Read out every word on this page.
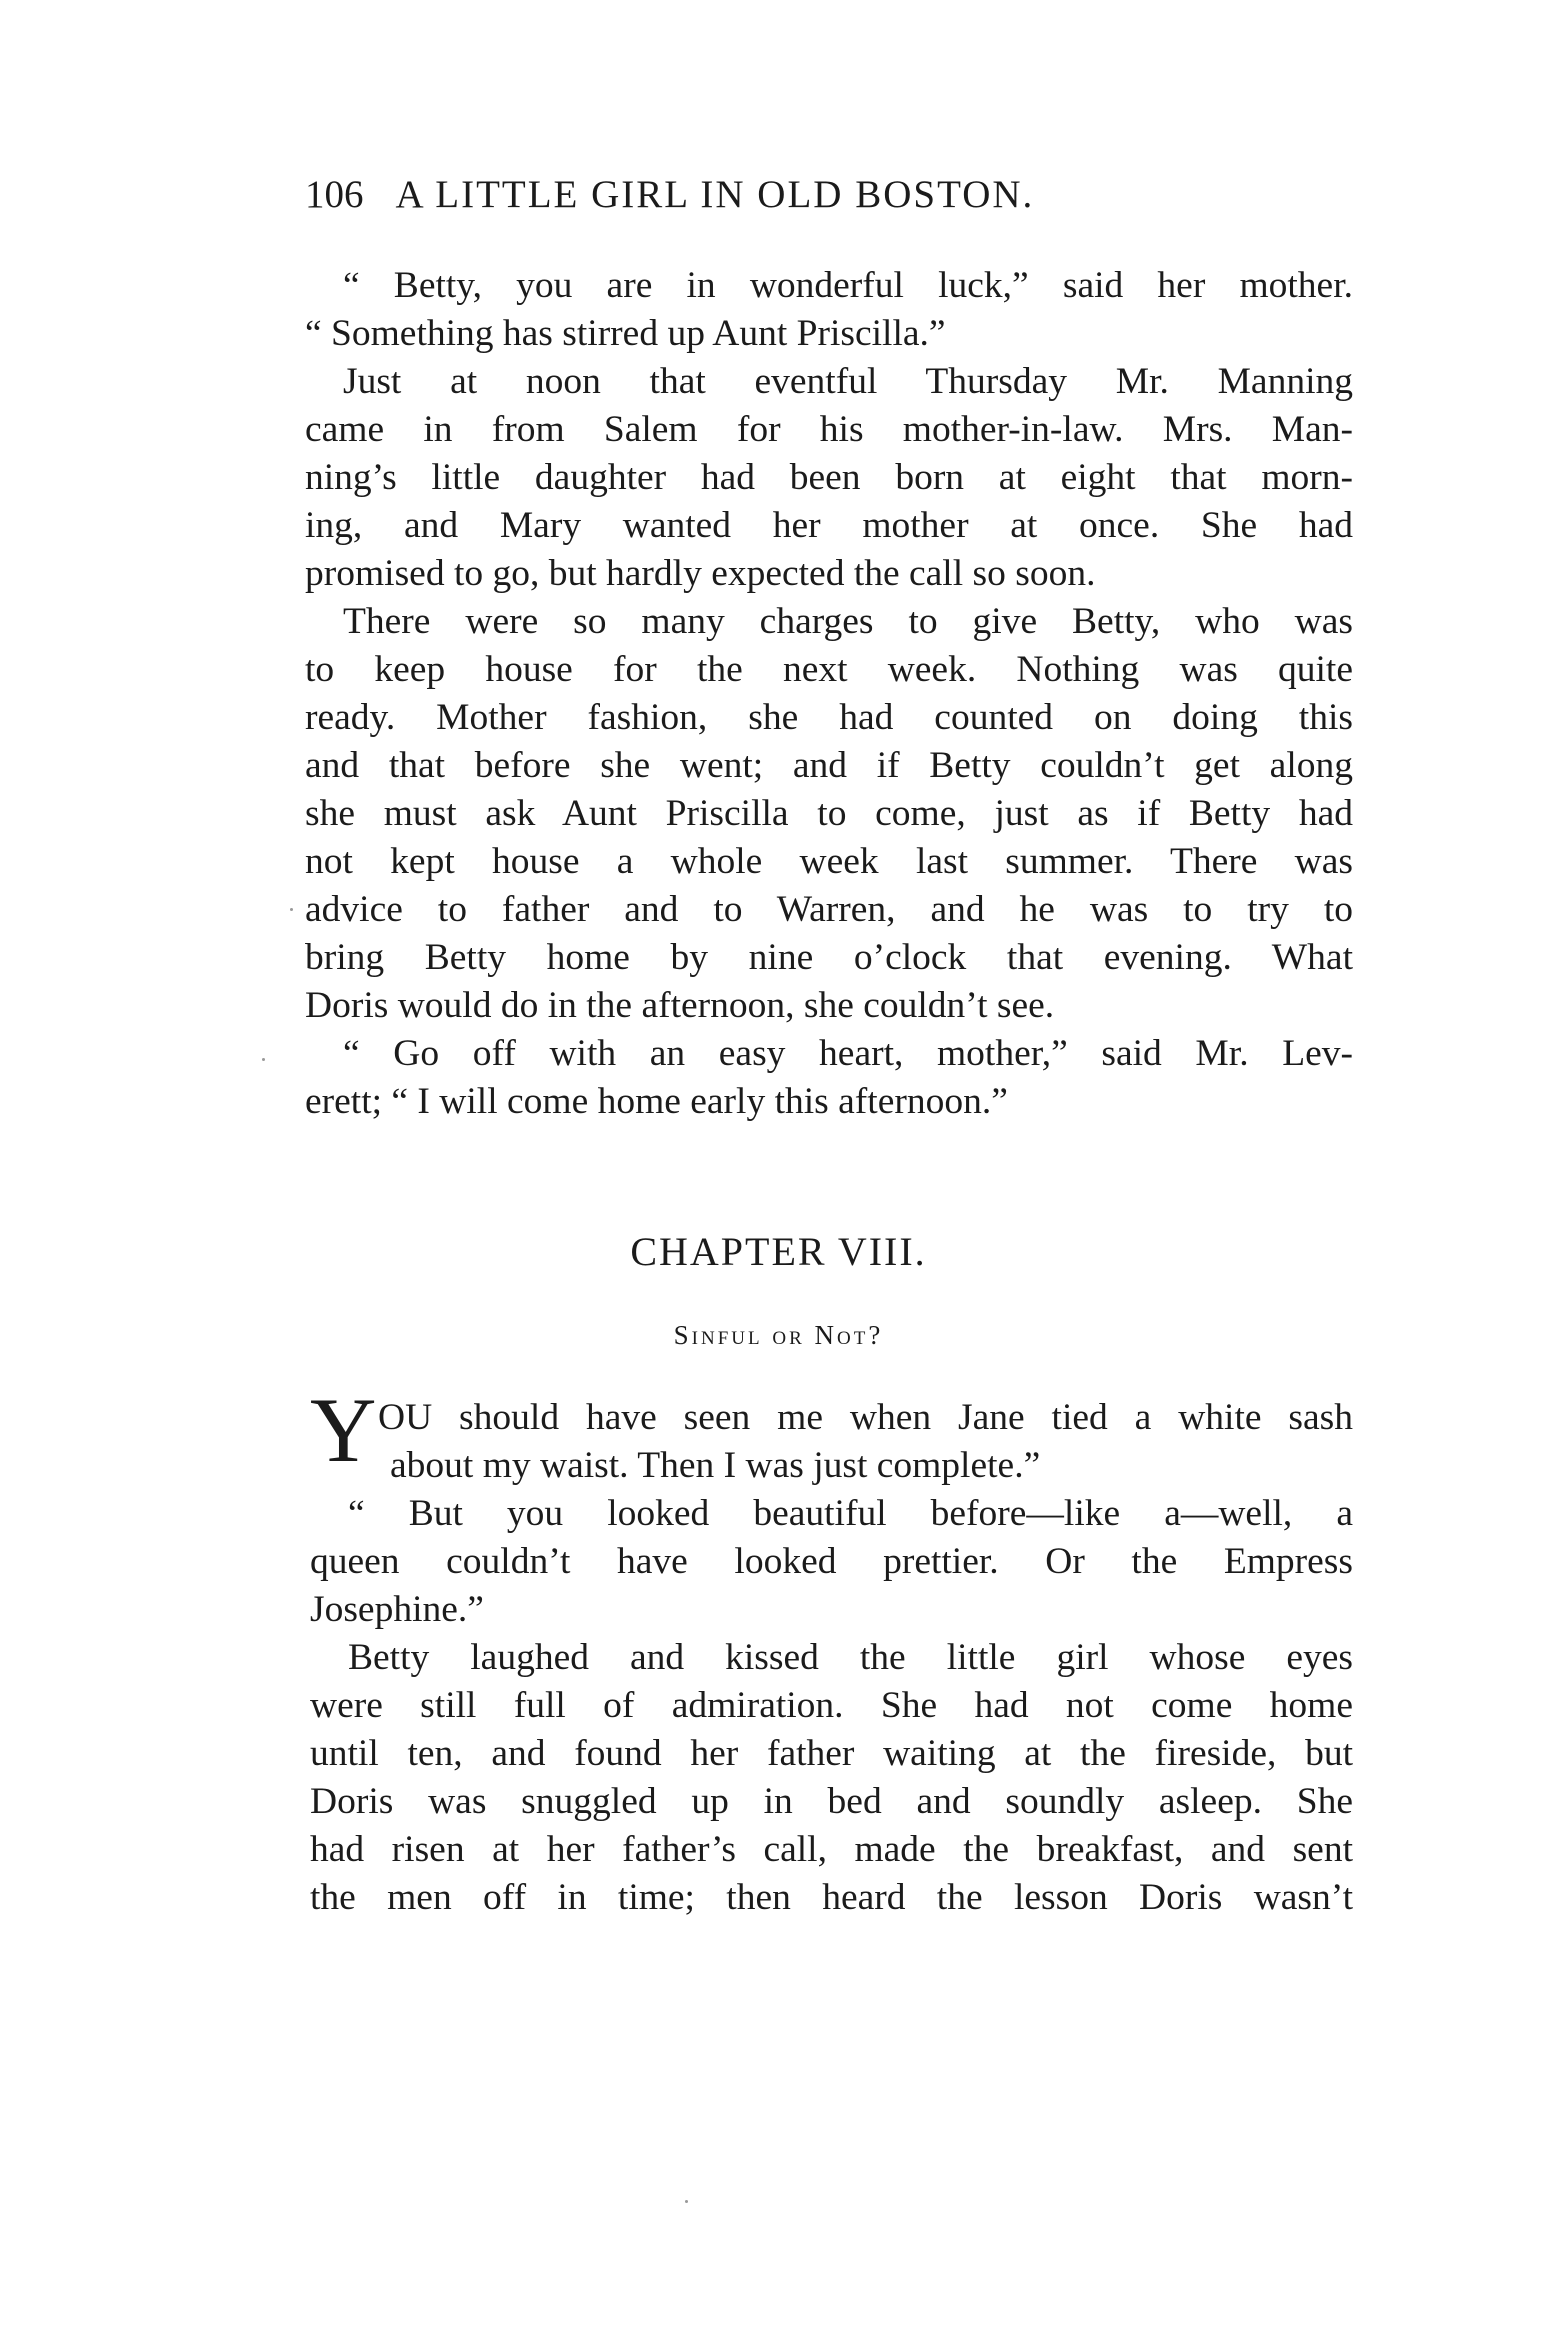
106 A LITTLE GIRL IN OLD BOSTON.
“ Betty, you are in wonderful luck,” said her mother.
“ Something has stirred up Aunt Priscilla.”
Just at noon that eventful Thursday Mr. Manning
came in from Salem for his mother-in-law. Mrs. Man-
ning’s little daughter had been born at eight that morn-
ing, and Mary wanted her mother at once. She had
promised to go, but hardly expected the call so soon.
There were so many charges to give Betty, who was
to keep house for the next week. Nothing was quite
ready. Mother fashion, she had counted on doing this
and that before she went; and if Betty couldn’t get along
she must ask Aunt Priscilla to come, just as if Betty had
not kept house a whole week last summer. There was
advice to father and to Warren, and he was to try to
bring Betty home by nine o’clock that evening. What
Doris would do in the afternoon, she couldn’t see.
“ Go off with an easy heart, mother,” said Mr. Lev-
erett; “ I will come home early this afternoon.”
CHAPTER VIII.
Sinful or Not?
Y OU should have seen me when Jane tied a white sash
about my waist. Then I was just complete.”
“ But you looked beautiful before—like a—well, a
queen couldn’t have looked prettier. Or the Empress
Josephine.”
Betty laughed and kissed the little girl whose eyes
were still full of admiration. She had not come home
until ten, and found her father waiting at the fireside, but
Doris was snuggled up in bed and soundly asleep. She
had risen at her father’s call, made the breakfast, and sent
the men off in time; then heard the lesson Doris wasn’t
